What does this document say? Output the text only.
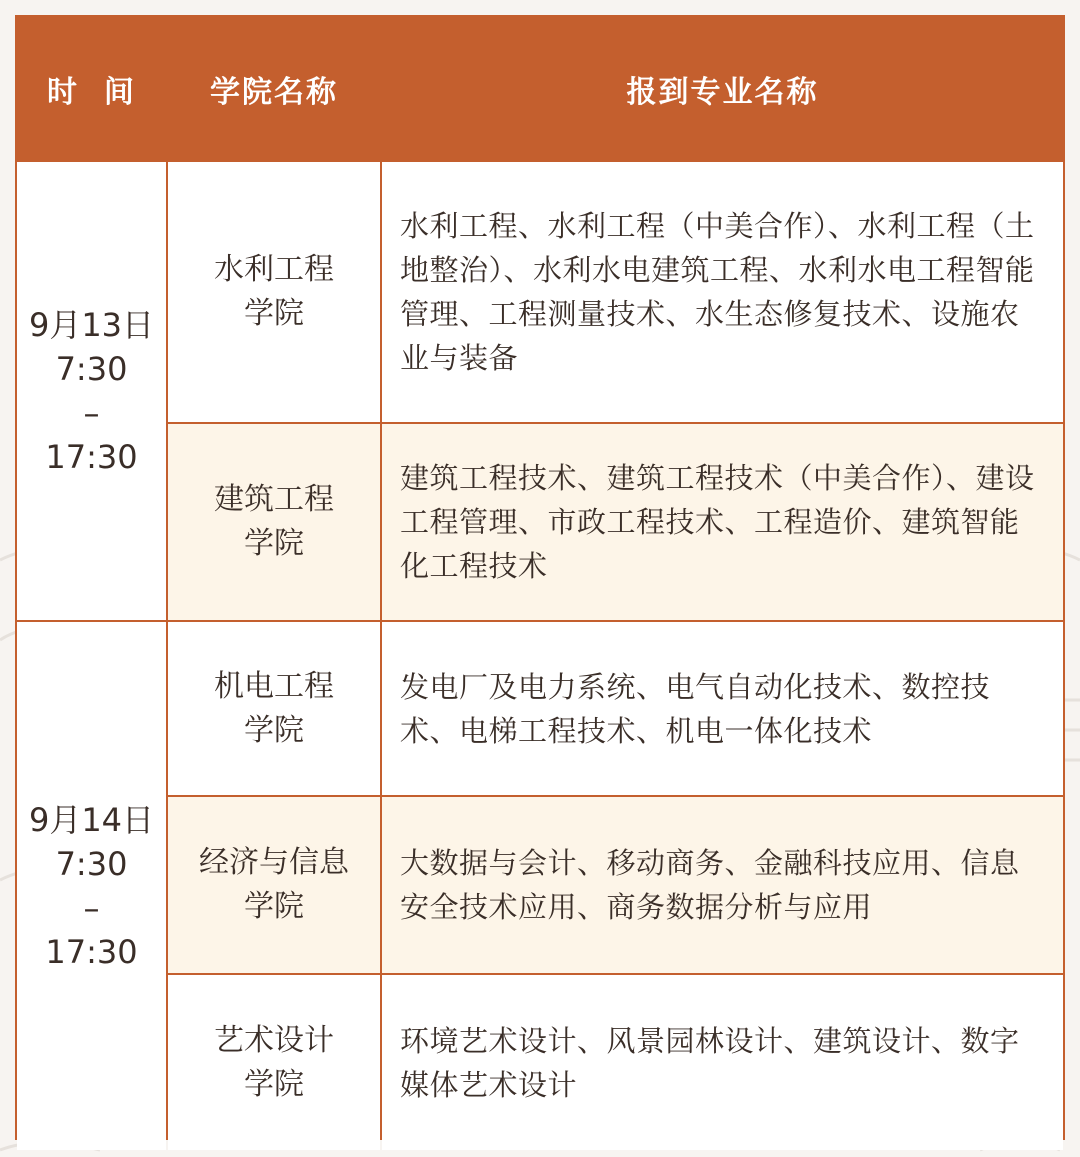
时  间	学院名称	报到专业名称
9月13日
7:30
–
17:30
水利工程
学院
水利工程、水利工程（中美合作）、水利工程（土地整治）、水利水电建筑工程、水利水电工程智能管理、工程测量技术、水生态修复技术、设施农业与装备
建筑工程
学院
建筑工程技术、建筑工程技术（中美合作）、建设工程管理、市政工程技术、工程造价、建筑智能化工程技术
9月14日
7:30
–
17:30
机电工程
学院
发电厂及电力系统、电气自动化技术、数控技术、电梯工程技术、机电一体化技术
经济与信息
学院
大数据与会计、移动商务、金融科技应用、信息安全技术应用、商务数据分析与应用
艺术设计
学院
环境艺术设计、风景园林设计、建筑设计、数字媒体艺术设计
